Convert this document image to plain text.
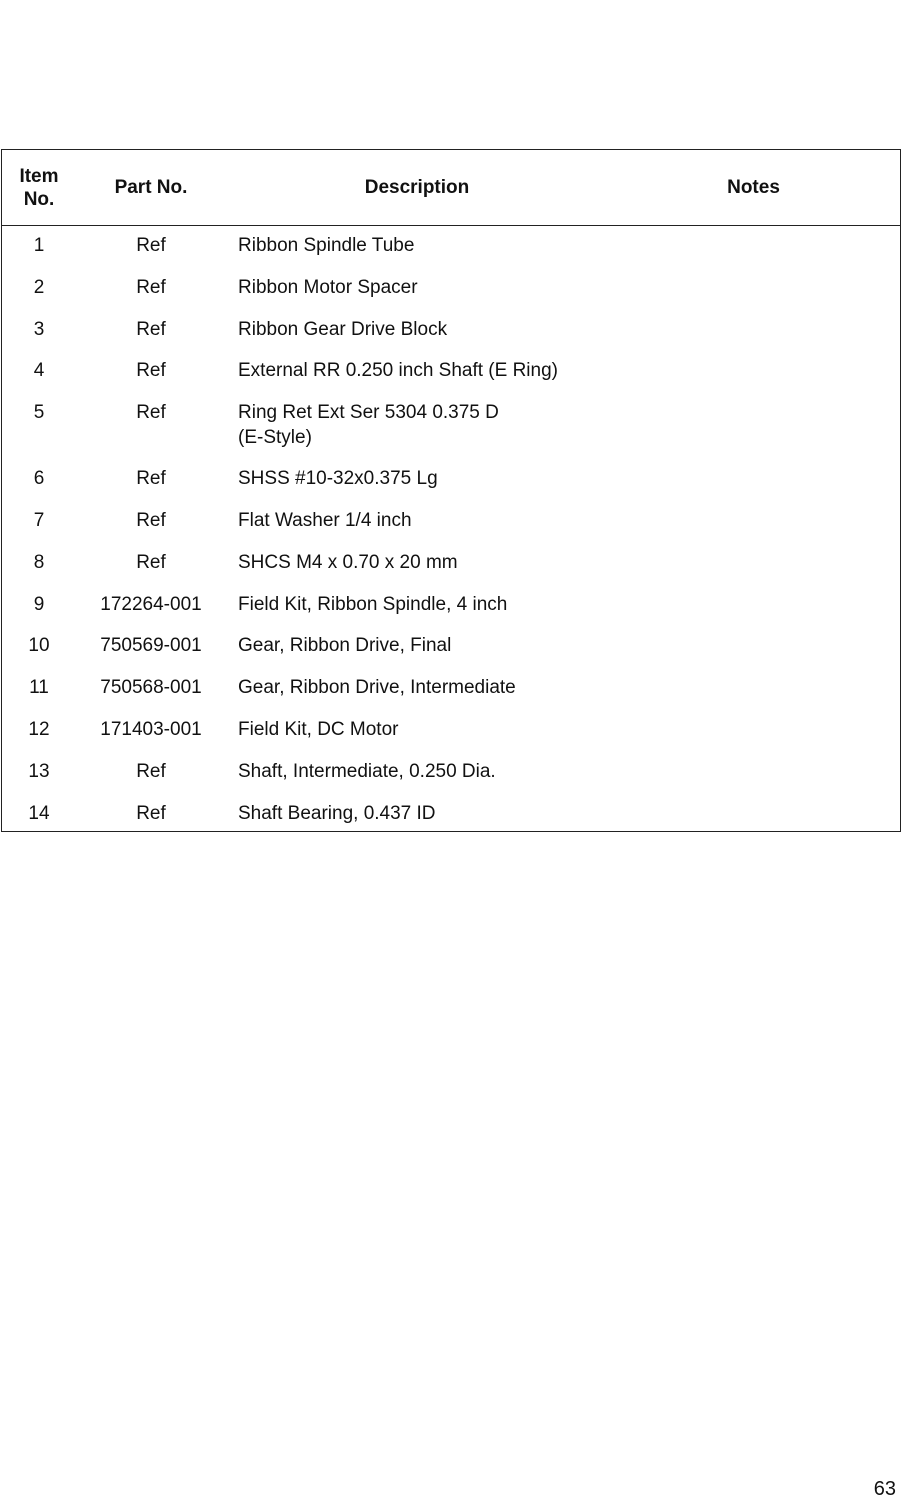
Item
No.
Part No.	Description	Notes
1	Ref	Ribbon Spindle Tube
2	Ref	Ribbon Motor Spacer
3	Ref	Ribbon Gear Drive Block
4	Ref	External RR 0.250 inch Shaft (E Ring)
5	Ref	Ring Ret Ext Ser 5304 0.375 D
(E-Style)
6	Ref	SHSS #10-32x0.375 Lg
7	Ref	Flat Washer 1/4 inch
8	Ref	SHCS M4 x 0.70 x 20 mm
9	172264-001	Field Kit, Ribbon Spindle, 4 inch
10	750569-001	Gear, Ribbon Drive, Final
11	750568-001	Gear, Ribbon Drive, Intermediate
12	171403-001	Field Kit, DC Motor
13	Ref	Shaft, Intermediate, 0.250 Dia.
14	Ref	Shaft Bearing, 0.437 ID
63
